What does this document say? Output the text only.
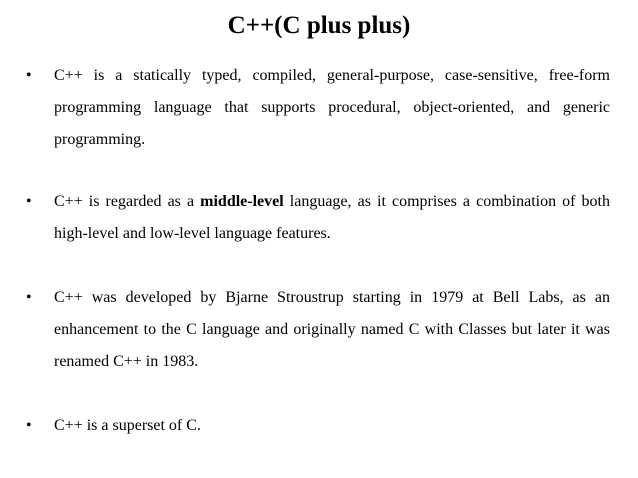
C++(C plus plus)
• C++ is a statically typed, compiled, general-purpose, case-sensitive, free-form programming language that supports procedural, object-oriented, and generic programming.
• C++ is regarded as a middle-level language, as it comprises a combination of both high-level and low-level language features.
• C++ was developed by Bjarne Stroustrup starting in 1979 at Bell Labs, as an enhancement to the C language and originally named C with Classes but later it was renamed C++ in 1983.
• C++ is a superset of C.
